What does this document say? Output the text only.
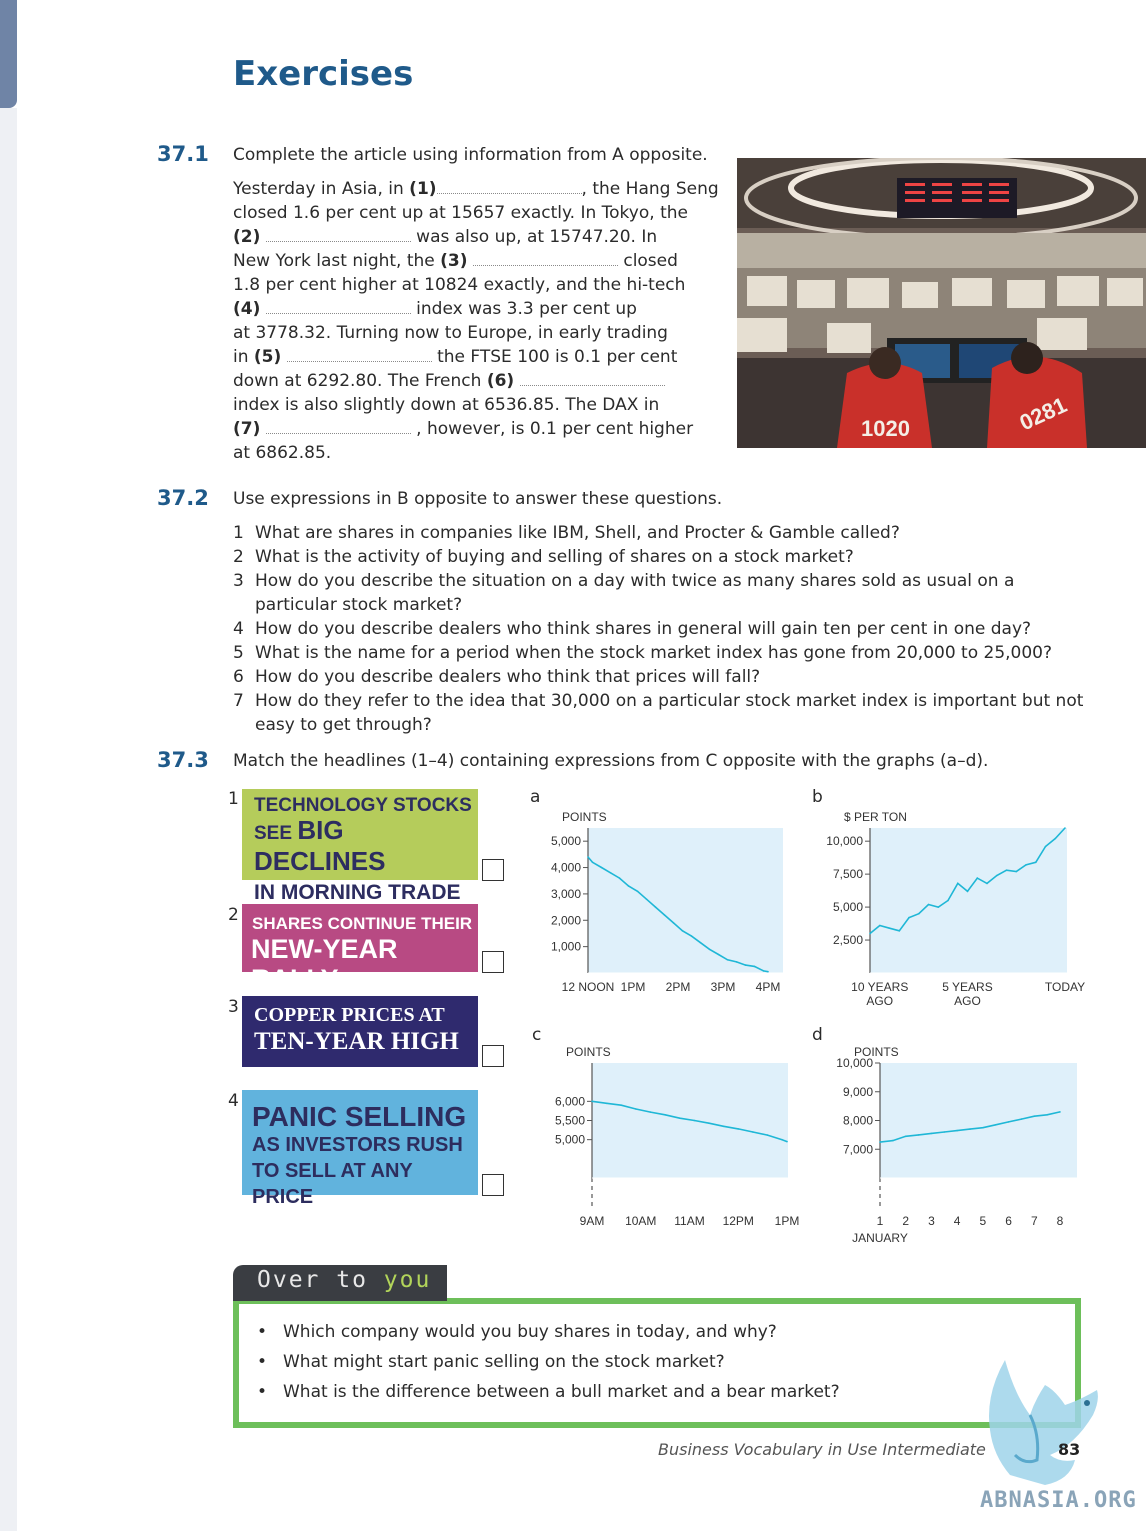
Exercises
37.1 Complete the article using information from A opposite.
Yesterday in Asia, in (1)	, the Hang Seng
closed 1.6 per cent up at 15657 exactly. In Tokyo, the
(2)	was also up, at 15747.20. In
New York last night, the (3)	closed
1.8 per cent higher at 10824 exactly, and the hi-tech
(4)	index was 3.3 per cent up
at 3778.32. Turning now to Europe, in early trading
in (5)	the FTSE 100 is 0.1 per cent
down at 6292.80. The French (6)
index is also slightly down at 6536.85. The DAX in
(7)	, however, is 0.1 per cent higher
at 6862.85.
1020	0281
37.2 Use expressions in B opposite to answer these questions.
1 What are shares in companies like IBM, Shell, and Procter & Gamble called?
2 What is the activity of buying and selling of shares on a stock market?
3 How do you describe the situation on a day with twice as many shares sold as usual on a particular stock market?
4 How do you describe dealers who think shares in general will gain ten per cent in one day?
5 What is the name for a period when the stock market index has gone from 20,000 to 25,000?
6 How do you describe dealers who think that prices will fall?
7 How do they refer to the idea that 30,000 on a particular stock market index is important but not easy to get through?
37.3 Match the headlines (1–4) containing expressions from C opposite with the graphs (a–d).
1 TECHNOLOGY STOCKS
SEE BIG DECLINES
IN MORNING TRADE
2 SHARES CONTINUE THEIR
NEW-YEAR RALLY
3 COPPER PRICES AT
TEN-YEAR HIGH
4 PANIC SELLING
AS INVESTORS RUSH
TO SELL AT ANY PRICE
a	b
c	d
POINTS
1,000
2,000
3,000
4,000
5,000
12 NOON 1PM 2PM 3PM 4PM
$ PER TON
2,500
5,000
7,500
10,000
10 YEARS AGO
5 YEARS AGO
TODAY
POINTS
5,000
5,500
6,000
9AM 10AM 11AM 12PM 1PM
POINTS
7,000
8,000
9,000
10,000
1 2 3 4 5 6 7 8
JANUARY
• Which company would you buy shares in today, and why?
• What might start panic selling on the stock market?
• What is the difference between a bull market and a bear market?
Over to you
Business Vocabulary in Use Intermediate	83
ABNASIA.ORG
